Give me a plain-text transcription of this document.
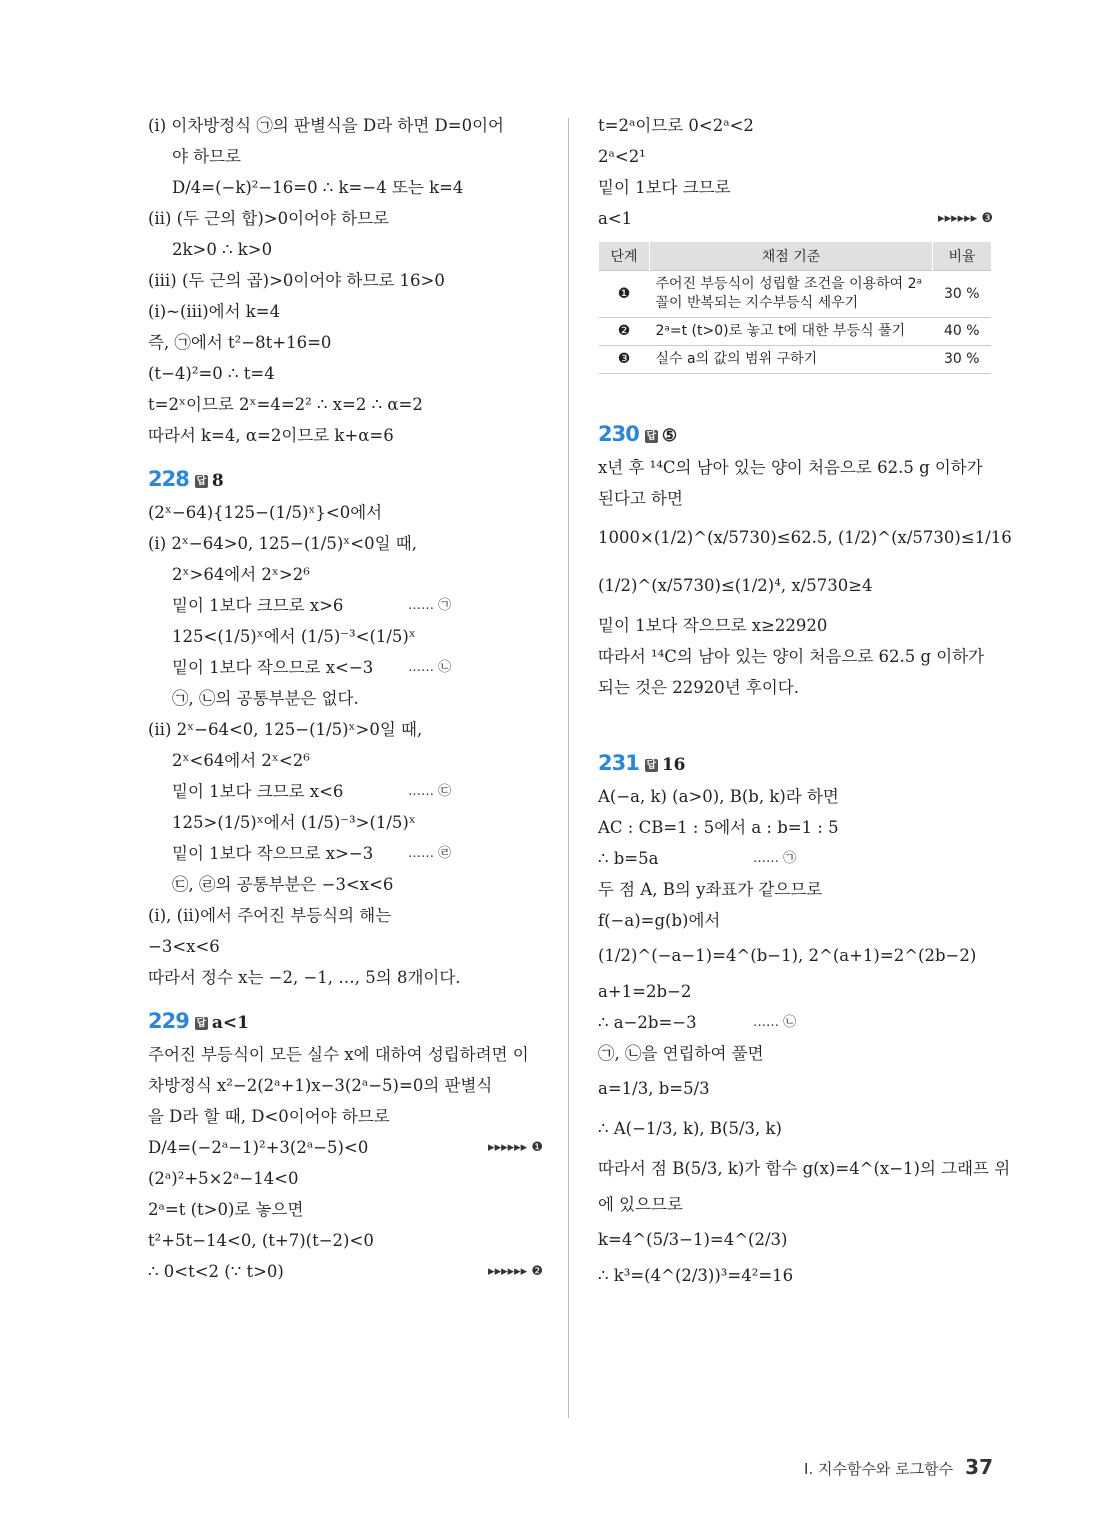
(ⅰ) 이차방정식 ㉠의 판별식을 D라 하면 D=0이어
야 하므로
D/4=(−k)²−16=0 ∴ k=−4 또는 k=4
(ⅱ) (두 근의 합)>0이어야 하므로
2k>0 ∴ k>0
(ⅲ) (두 근의 곱)>0이어야 하므로 16>0
(ⅰ)~(ⅲ)에서 k=4
즉, ㉠에서 t²−8t+16=0
(t−4)²=0 ∴ t=4
t=2ˣ이므로 2ˣ=4=2² ∴ x=2 ∴ α=2
따라서 k=4, α=2이므로 k+α=6
228 답 8
(2ˣ−64){125−(1/5)ˣ}<0에서
(ⅰ) 2ˣ−64>0, 125−(1/5)ˣ<0일 때,
2ˣ>64에서 2ˣ>2⁶
밑이 1보다 크므로 x>6	…… ㉠
125<(1/5)ˣ에서 (1/5)⁻³<(1/5)ˣ
밑이 1보다 작으므로 x<−3	…… ㉡
㉠, ㉡의 공통부분은 없다.
(ⅱ) 2ˣ−64<0, 125−(1/5)ˣ>0일 때,
2ˣ<64에서 2ˣ<2⁶
밑이 1보다 크므로 x<6	…… ㉢
125>(1/5)ˣ에서 (1/5)⁻³>(1/5)ˣ
밑이 1보다 작으므로 x>−3	…… ㉣
㉢, ㉣의 공통부분은 −3<x<6
(ⅰ), (ⅱ)에서 주어진 부등식의 해는
−3<x<6
따라서 정수 x는 −2, −1, …, 5의 8개이다.
229 답 a<1
주어진 부등식이 모든 실수 x에 대하여 성립하려면 이
차방정식 x²−2(2ᵃ+1)x−3(2ᵃ−5)=0의 판별식
을 D라 할 때, D<0이어야 하므로
D/4=(−2ᵃ−1)²+3(2ᵃ−5)<0	▸▸▸▸▸▸ ❶
(2ᵃ)²+5×2ᵃ−14<0
2ᵃ=t (t>0)로 놓으면
t²+5t−14<0, (t+7)(t−2)<0
∴ 0<t<2 (∵ t>0)	▸▸▸▸▸▸ ❷
t=2ᵃ이므로 0<2ᵃ<2
2ᵃ<2¹
밑이 1보다 크므로
a<1	▸▸▸▸▸▸ ❸
단계	채점 기준	비율
❶	주어진 부등식이 성립할 조건을 이용하여 2ᵃ 꼴이 반복되는 지수부등식 세우기	30 %
❷	2ᵃ=t (t>0)로 놓고 t에 대한 부등식 풀기	40 %
❸	실수 a의 값의 범위 구하기	30 %
230 답 ⑤
x년 후 ¹⁴C의 남아 있는 양이 처음으로 62.5 g 이하가
된다고 하면
1000×(1/2)^(x/5730)≤62.5, (1/2)^(x/5730)≤1/16
(1/2)^(x/5730)≤(1/2)⁴, x/5730≥4
밑이 1보다 작으므로 x≥22920
따라서 ¹⁴C의 남아 있는 양이 처음으로 62.5 g 이하가
되는 것은 22920년 후이다.
231 답 16
A(−a, k) (a>0), B(b, k)라 하면
AC : CB=1 : 5에서 a : b=1 : 5
∴ b=5a	…… ㉠
두 점 A, B의 y좌표가 같으므로
f(−a)=g(b)에서
(1/2)^(−a−1)=4^(b−1), 2^(a+1)=2^(2b−2)
a+1=2b−2
∴ a−2b=−3	…… ㉡
㉠, ㉡을 연립하여 풀면
a=1/3, b=5/3
∴ A(−1/3, k), B(5/3, k)
따라서 점 B(5/3, k)가 함수 g(x)=4^(x−1)의 그래프 위
에 있으므로
k=4^(5/3−1)=4^(2/3)
∴ k³=(4^(2/3))³=4²=16
Ⅰ. 지수함수와 로그함수 37
